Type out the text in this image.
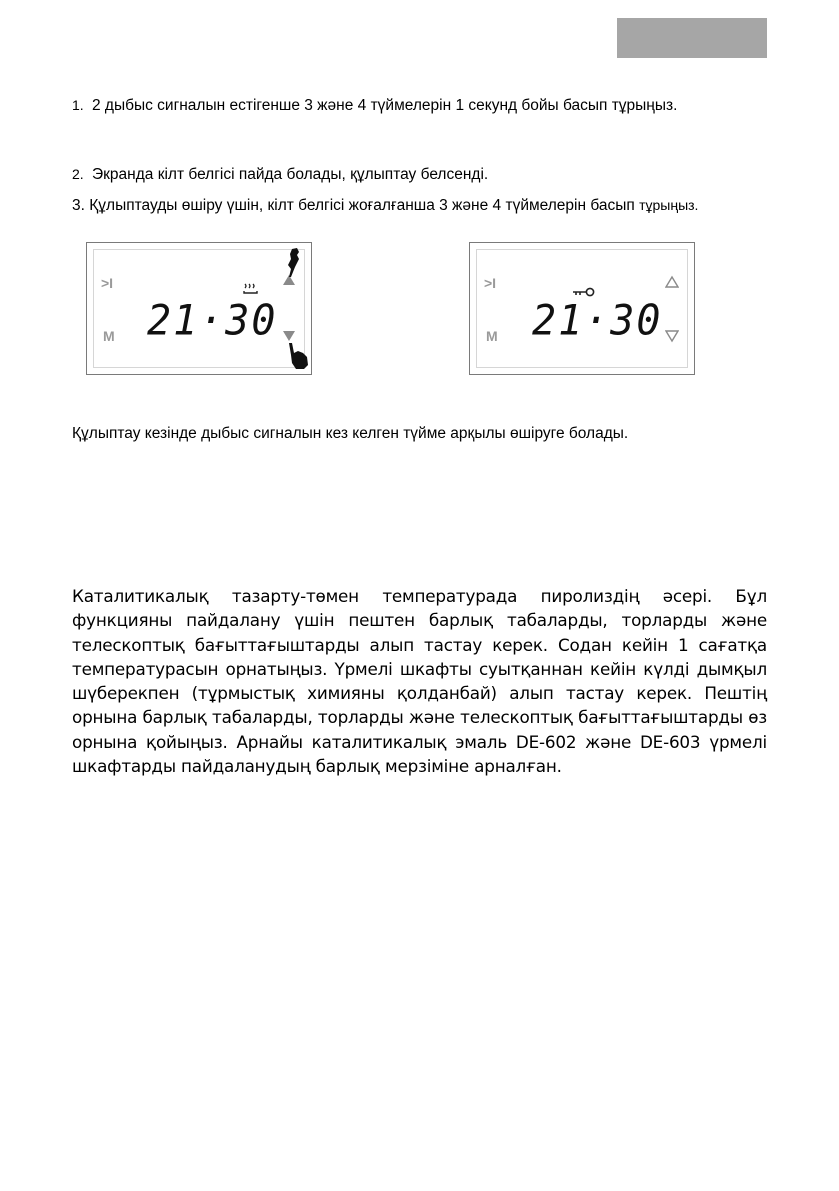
1. 2 дыбыс сигналын естігенше 3 және 4 түймелерін 1 секунд бойы басып тұрыңыз.

2. Экранда кілт белгісі пайда болады, құлыптау белсенді.

3. Құлыптауды өшіру үшін, кілт белгісі жоғалғанша 3 және 4 түймелерін басып тұрыңыз.

>I
M 21·30
>I
M 21·30

Құлыптау кезінде дыбыс сигналын кез келген түйме арқылы өшіруге болады.

Каталитикалық тазарту-төмен температурада пиролиздің әсері. Бұл функцияны пайдалану үшін пештен барлық табаларды, торларды және телескоптық бағыттағыштарды алып тастау керек. Содан кейін 1 сағатқа температурасын орнатыңыз. Үрмелі шкафты суытқаннан кейін күлді дымқыл шүберекпен (тұрмыстық химияны қолданбай) алып тастау керек. Пештің орнына барлық табаларды, торларды және телескоптық бағыттағыштарды өз орнына қойыңыз. Арнайы каталитикалық эмаль DE-602 және DE-603 үрмелі шкафтарды пайдаланудың барлық мерзіміне арналған.
